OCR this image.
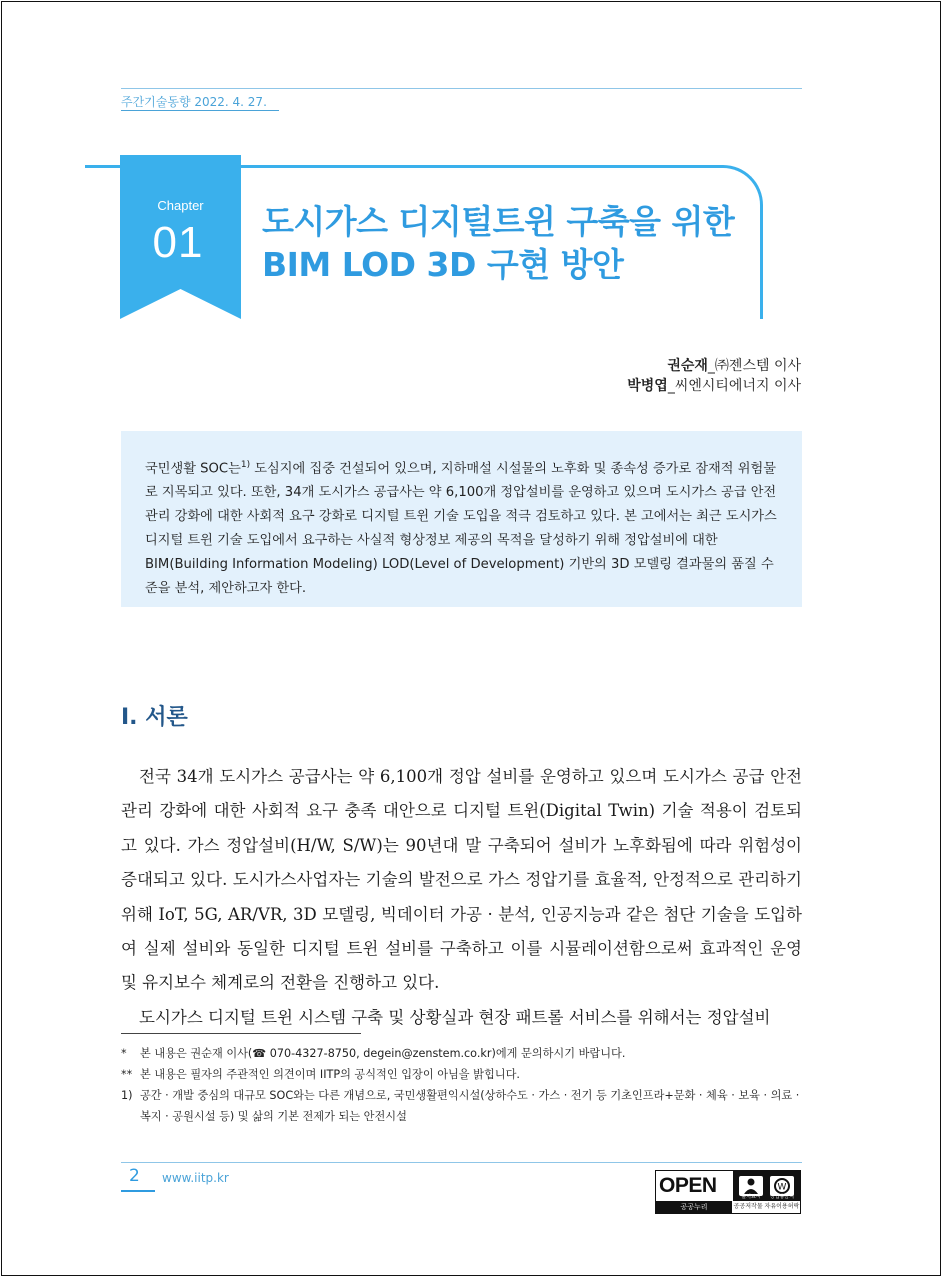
주간기술동향 2022. 4. 27.
Chapter
01	도시가스 디지털트윈 구축을 위한
BIM LOD 3D 구현 방안
권순재_㈜젠스템 이사
박병엽_씨엔시티에너지 이사

국민생활 SOC는$^{1)}$ 도심지에 집중 건설되어 있으며, 지하매설 시설물의 노후화 및 종속성 증가로 잠재적 위험물로 지목되고 있다. 또한, 34개 도시가스 공급사는 약 6,100개 정압설비를 운영하고 있으며 도시가스 공급 안전관리 강화에 대한 사회적 요구 강화로 디지털 트윈 기술 도입을 적극 검토하고 있다. 본 고에서는 최근 도시가스 디지털 트윈 기술 도입에서 요구하는 사실적 형상정보 제공의 목적을 달성하기 위해 정압설비에 대한 BIM(Building Information Modeling) LOD(Level of Development) 기반의 3D 모델링 결과물의 품질 수준을 분석, 제안하고자 한다.

I. 서론

전국 34개 도시가스 공급사는 약 6,100개 정압 설비를 운영하고 있으며 도시가스 공급 안전관리 강화에 대한 사회적 요구 충족 대안으로 디지털 트윈(Digital Twin) 기술 적용이 검토되고 있다. 가스 정압설비(H/W, S/W)는 90년대 말 구축되어 설비가 노후화됨에 따라 위험성이 증대되고 있다. 도시가스사업자는 기술의 발전으로 가스 정압기를 효율적, 안정적으로 관리하기 위해 IoT, 5G, AR/VR, 3D 모델링, 빅데이터 가공 · 분석, 인공지능과 같은 첨단 기술을 도입하여 실제 설비와 동일한 디지털 트윈 설비를 구축하고 이를 시뮬레이션함으로써 효과적인 운영 및 유지보수 체계로의 전환을 진행하고 있다.

도시가스 디지털 트윈 시스템 구축 및 상황실과 현장 패트롤 서비스를 위해서는 정압설비

* 본 내용은 권순재 이사(☎ 070-4327-8750, degein@zenstem.co.kr)에게 문의하시기 바랍니다.
** 본 내용은 필자의 주관적인 의견이며 IITP의 공식적인 입장이 아님을 밝힙니다.
1) 공간 · 개발 중심의 대규모 SOC와는 다른 개념으로, 국민생활편익시설(상하수도 · 가스 · 전기 등 기초인프라+문화 · 체육 · 보육 · 의료 · 복지 · 공원시설 등) 및 삶의 기본 전제가 되는 안전시설
2 www.iitp.kr	OPEN
공공누리
W
출처표시	상업용금지
공공저작물 자유이용허락
